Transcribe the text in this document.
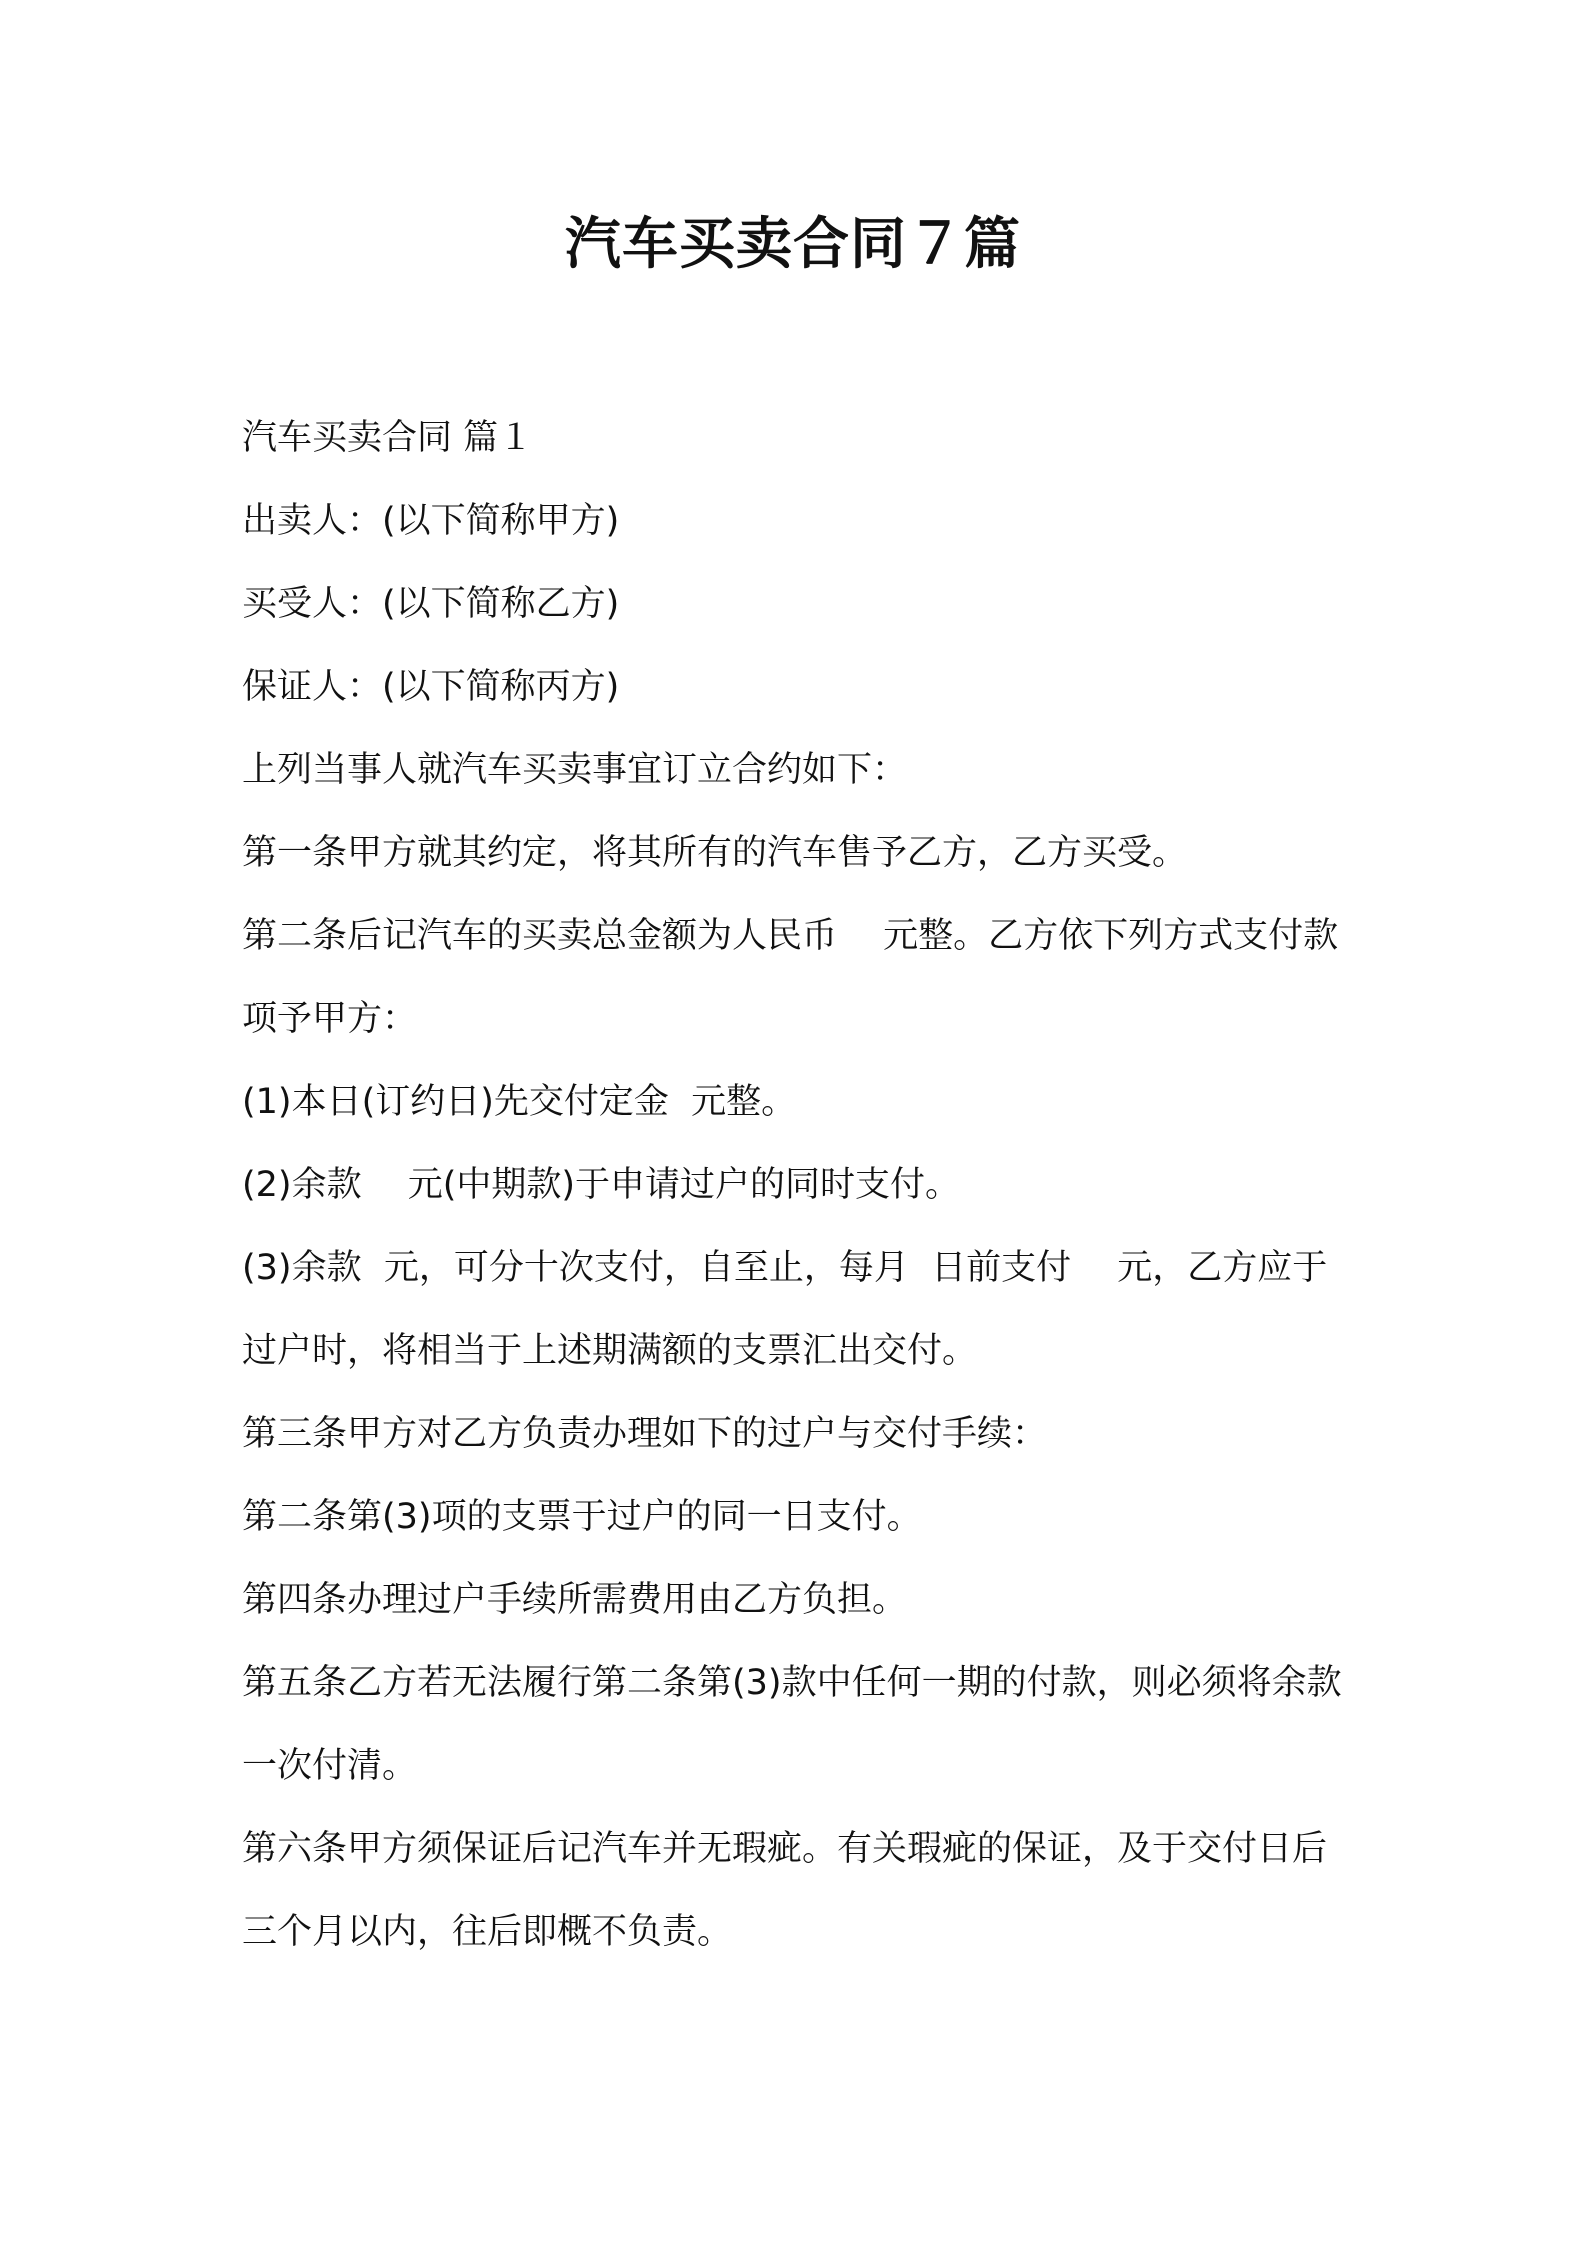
汽车买卖合同７篇

汽车买卖合同 篇１

出卖人：(以下简称甲方)

买受人：(以下简称乙方)

保证人：(以下简称丙方)

上列当事人就汽车买卖事宜订立合约如下：

第一条甲方就其约定，将其所有的汽车售予乙方，乙方买受。

第二条后记汽车的买卖总金额为人民币　 元整。乙方依下列方式支付款项予甲方：

(1)本日(订约日)先交付定金  元整。

(2)余款　 元(中期款)于申请过户的同时支付。

(3)余款  元，可分十次支付，自至止，每月  日前支付　 元，乙方应于过户时，将相当于上述期满额的支票汇出交付。

第三条甲方对乙方负责办理如下的过户与交付手续：

第二条第(3)项的支票于过户的同一日支付。

第四条办理过户手续所需费用由乙方负担。

第五条乙方若无法履行第二条第(3)款中任何一期的付款，则必须将余款一次付清。

第六条甲方须保证后记汽车并无瑕疵。有关瑕疵的保证，及于交付日后三个月以内，往后即概不负责。
